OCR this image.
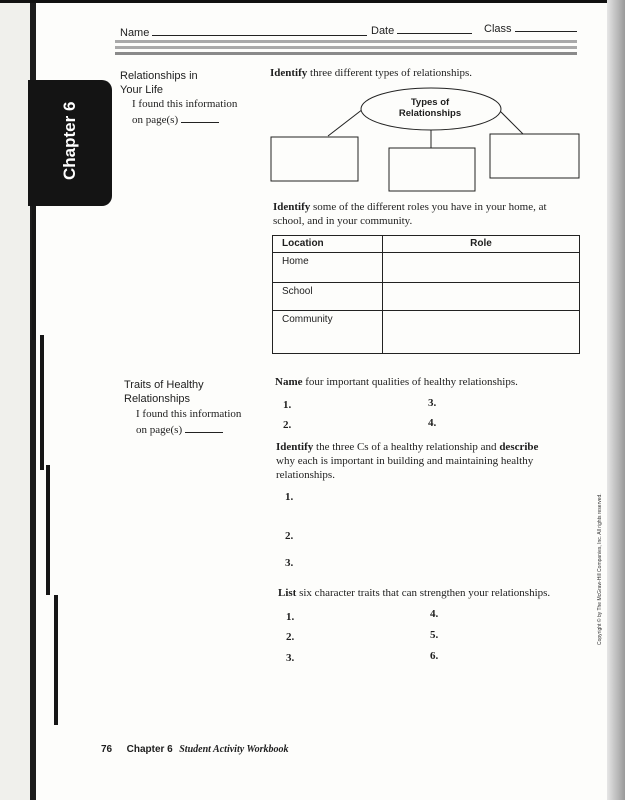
Name	Date	Class
Chapter 6
Relationships in
Your Life
I found this information
on page(s)
Identify three different types of relationships.
Types of
Relationships
Identify some of the different roles you have in your home, at
school, and in your community.
Location	Role
Home	
School	
Community	
Traits of Healthy
Relationships
I found this information
on page(s)
Name four important qualities of healthy relationships.
1.
2.
3.
4.
Identify the three Cs of a healthy relationship and describe
why each is important in building and maintaining healthy
relationships.
1.
2.
3.
List six character traits that can strengthen your relationships.
1.
2.
3.
4.
5.
6.
76 Chapter 6 Student Activity Workbook
Copyright © by The McGraw-Hill Companies, Inc. All rights reserved.
